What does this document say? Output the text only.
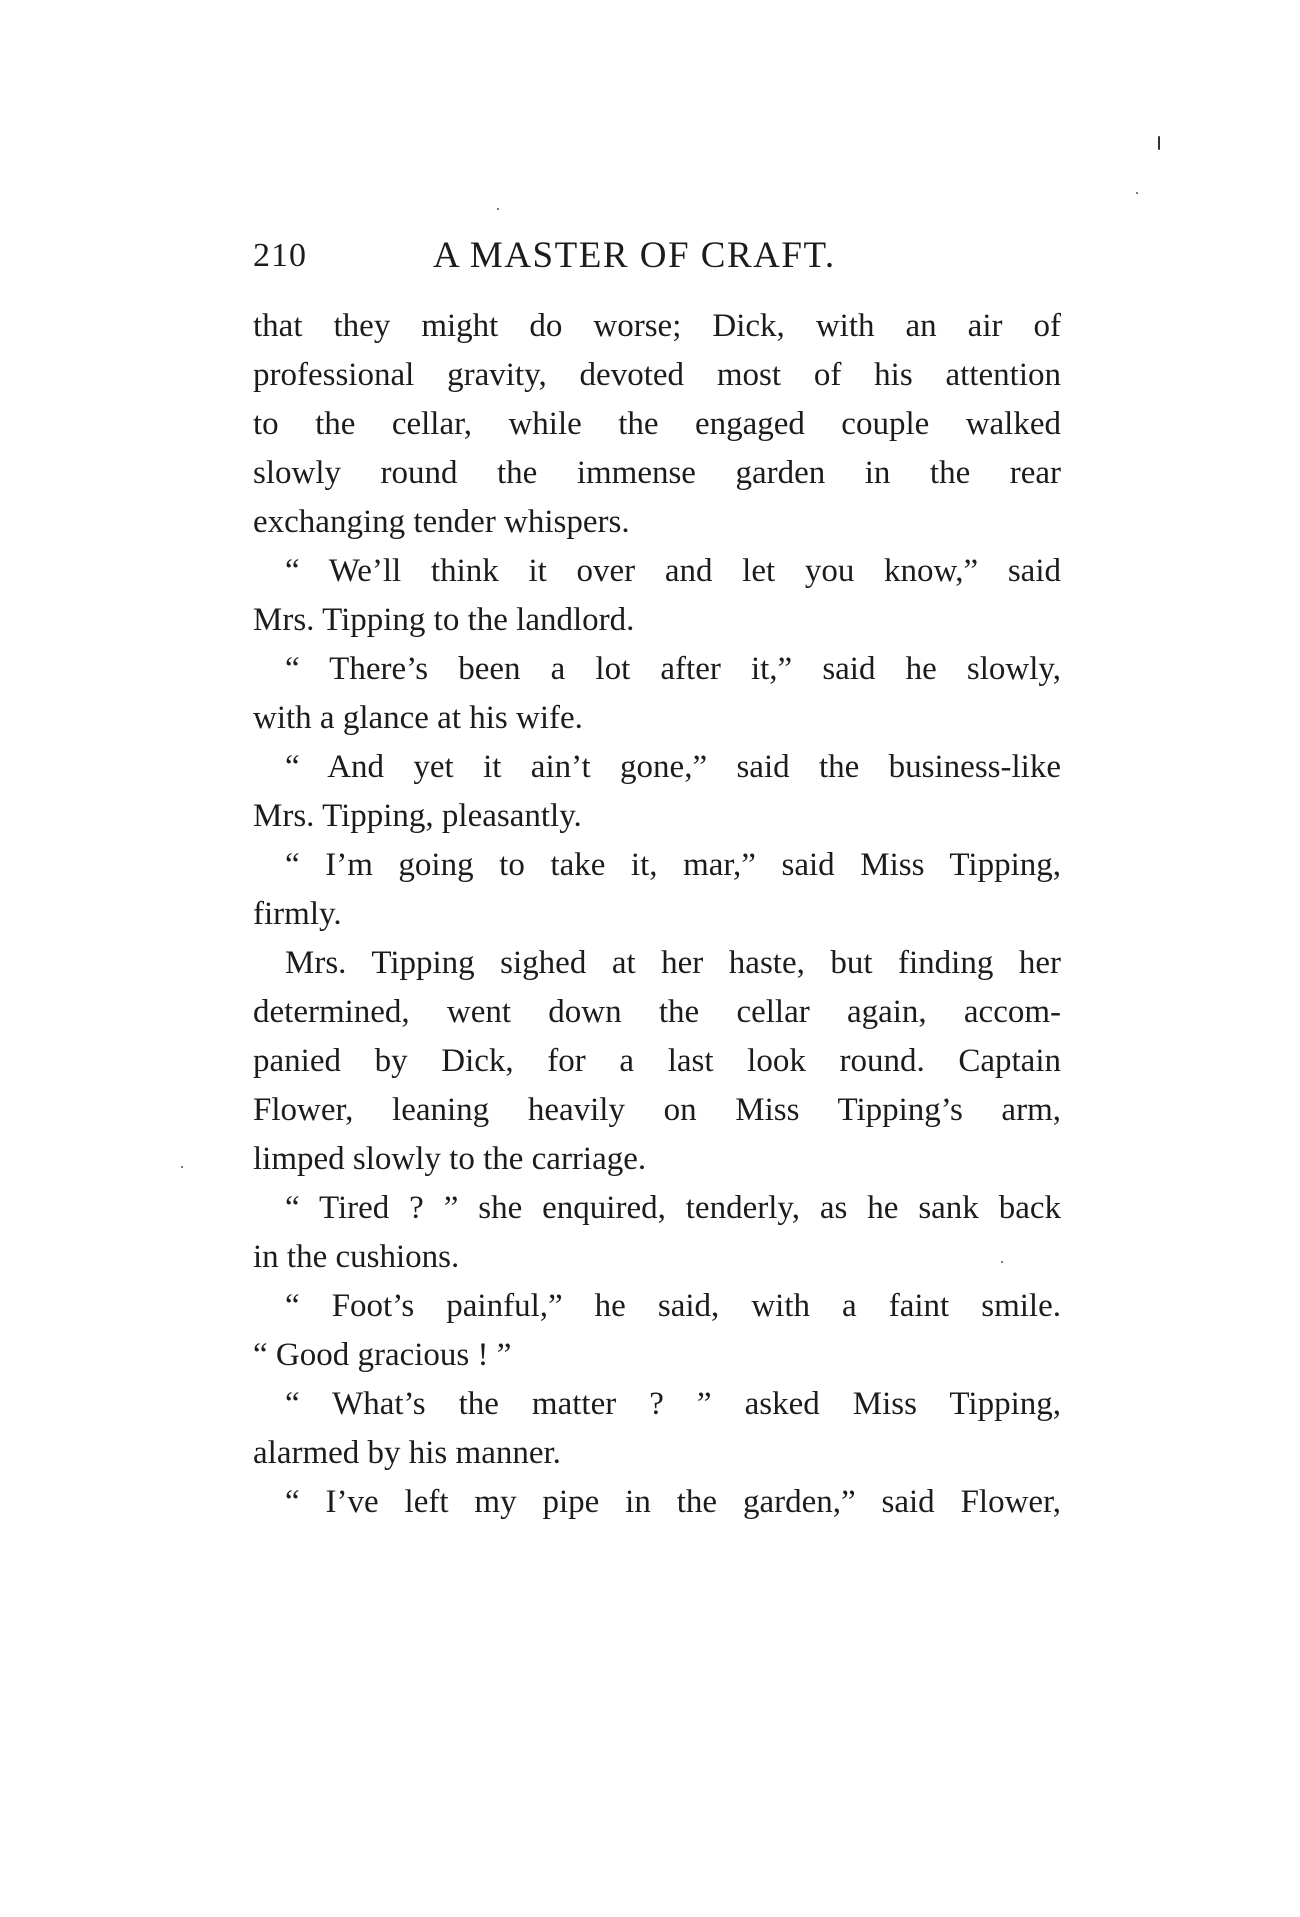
210	A MASTER OF CRAFT.
that they might do worse; Dick, with an air of
professional gravity, devoted most of his attention
to the cellar, while the engaged couple walked
slowly round the immense garden in the rear
exchanging tender whispers.
“ We’ll think it over and let you know,” said
Mrs. Tipping to the landlord.
“ There’s been a lot after it,” said he slowly,
with a glance at his wife.
“ And yet it ain’t gone,” said the business-like
Mrs. Tipping, pleasantly.
“ I’m going to take it, mar,” said Miss Tipping,
firmly.
Mrs. Tipping sighed at her haste, but finding her
determined, went down the cellar again, accom-
panied by Dick, for a last look round. Captain
Flower, leaning heavily on Miss Tipping’s arm,
limped slowly to the carriage.
“ Tired ? ” she enquired, tenderly, as he sank back
in the cushions.
“ Foot’s painful,” he said, with a faint smile.
“ Good gracious ! ”
“ What’s the matter ? ” asked Miss Tipping,
alarmed by his manner.
“ I’ve left my pipe in the garden,” said Flower,
